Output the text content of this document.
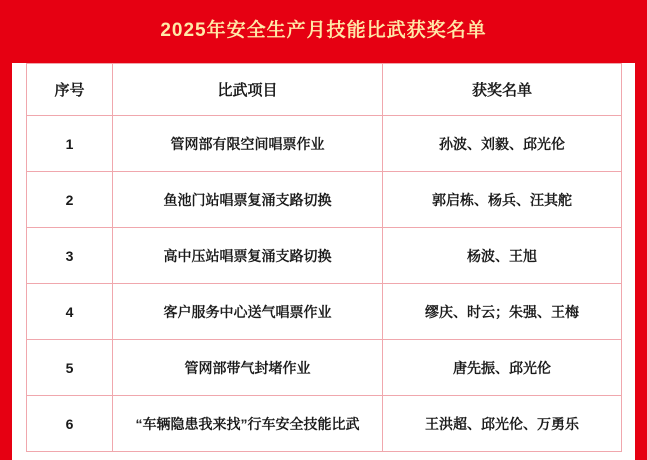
2025年安全生产月技能比武获奖名单
序号	比武项目	获奖名单
1	管网部有限空间唱票作业	孙波、刘毅、邱光伦
2	鱼池门站唱票复涌支路切换	郭启栋、杨兵、汪其舵
3	高中压站唱票复涌支路切换	杨波、王旭
4	客户服务中心送气唱票作业	缪庆、时云；朱强、王梅
5	管网部带气封堵作业	唐先振、邱光伦
6	“车辆隐患我来找”行车安全技能比武	王洪超、邱光伦、万勇乐
